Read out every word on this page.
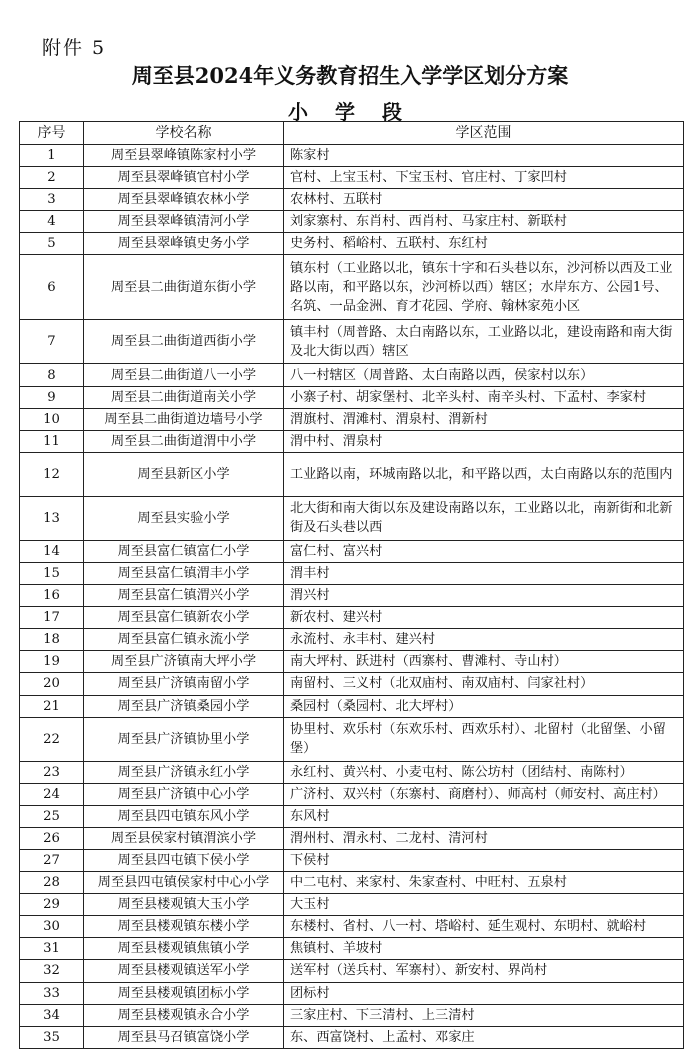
附件 5
周至县2024年义务教育招生入学学区划分方案
小 学 段
序号	学校名称	学区范围
1	周至县翠峰镇陈家村小学	陈家村
2	周至县翠峰镇官村小学	官村、上宝玉村、下宝玉村、官庄村、丁家凹村
3	周至县翠峰镇农林小学	农林村、五联村
4	周至县翠峰镇清河小学	刘家寨村、东肖村、西肖村、马家庄村、新联村
5	周至县翠峰镇史务小学	史务村、稻峪村、五联村、东红村
6	周至县二曲街道东街小学	镇东村（工业路以北，镇东十字和石头巷以东，沙河桥以西及工业路以南，和平路以东，沙河桥以西）辖区；水岸东方、公园1号、名筑、一品金洲、育才花园、学府、翰林家苑小区
7	周至县二曲街道西街小学	镇丰村（周普路、太白南路以东，工业路以北，建设南路和南大街及北大街以西）辖区
8	周至县二曲街道八一小学	八一村辖区（周普路、太白南路以西，侯家村以东）
9	周至县二曲街道南关小学	小寨子村、胡家堡村、北辛头村、南辛头村、下孟村、李家村
10	周至县二曲街道边墙号小学	渭旗村、渭滩村、渭泉村、渭新村
11	周至县二曲街道渭中小学	渭中村、渭泉村
12	周至县新区小学	工业路以南，环城南路以北，和平路以西，太白南路以东的范围内
13	周至县实验小学	北大街和南大街以东及建设南路以东，工业路以北，南新街和北新街及石头巷以西
14	周至县富仁镇富仁小学	富仁村、富兴村
15	周至县富仁镇渭丰小学	渭丰村
16	周至县富仁镇渭兴小学	渭兴村
17	周至县富仁镇新农小学	新农村、建兴村
18	周至县富仁镇永流小学	永流村、永丰村、建兴村
19	周至县广济镇南大坪小学	南大坪村、跃进村（西寨村、曹滩村、寺山村）
20	周至县广济镇南留小学	南留村、三义村（北双庙村、南双庙村、闫家社村）
21	周至县广济镇桑园小学	桑园村（桑园村、北大坪村）
22	周至县广济镇协里小学	协里村、欢乐村（东欢乐村、西欢乐村）、北留村（北留堡、小留堡）
23	周至县广济镇永红小学	永红村、黄兴村、小麦屯村、陈公坊村（团结村、南陈村）
24	周至县广济镇中心小学	广济村、双兴村（东寨村、商磨村）、师高村（师安村、高庄村）
25	周至县四屯镇东风小学	东风村
26	周至县侯家村镇渭滨小学	渭州村、渭永村、二龙村、清河村
27	周至县四屯镇下侯小学	下侯村
28	周至县四屯镇侯家村中心小学	中二屯村、来家村、朱家查村、中旺村、五泉村
29	周至县楼观镇大玉小学	大玉村
30	周至县楼观镇东楼小学	东楼村、省村、八一村、塔峪村、延生观村、东明村、就峪村
31	周至县楼观镇焦镇小学	焦镇村、羊坡村
32	周至县楼观镇送军小学	送军村（送兵村、军寨村）、新安村、界尚村
33	周至县楼观镇团标小学	团标村
34	周至县楼观镇永合小学	三家庄村、下三清村、上三清村
35	周至县马召镇富饶小学	东、西富饶村、上孟村、邓家庄
